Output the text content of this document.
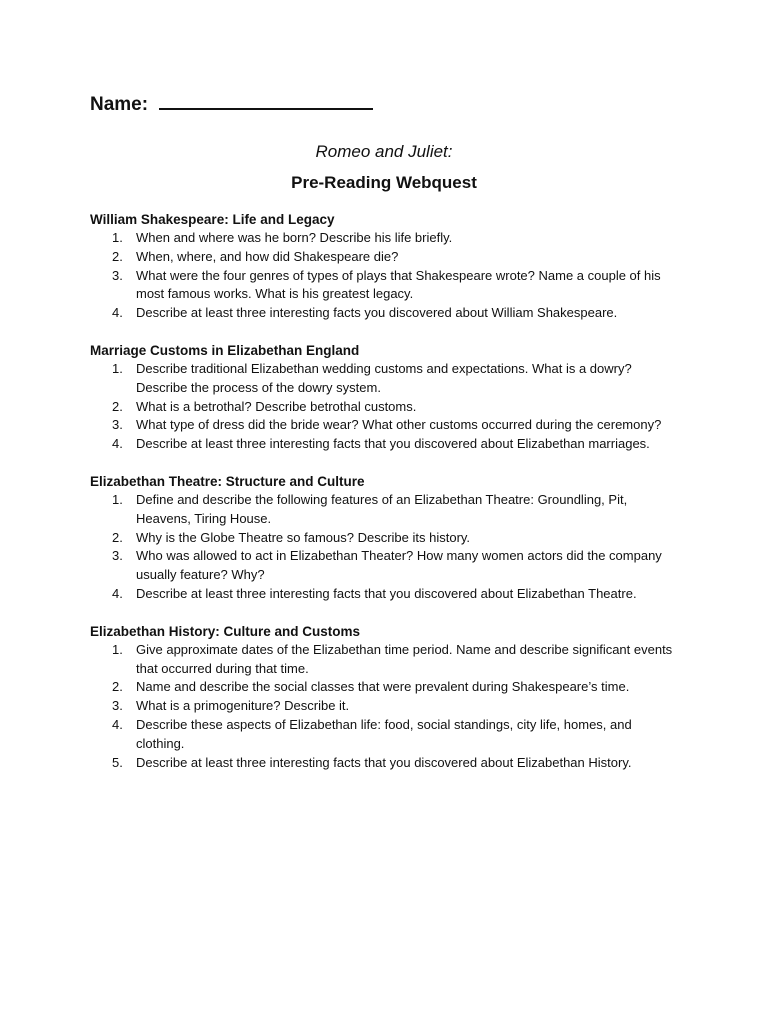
Name:
Romeo and Juliet:
Pre-Reading Webquest
William Shakespeare: Life and Legacy
1. When and where was he born? Describe his life briefly.
2. When, where, and how did Shakespeare die?
3. What were the four genres of types of plays that Shakespeare wrote? Name a couple of his most famous works. What is his greatest legacy.
4. Describe at least three interesting facts you discovered about William Shakespeare.
Marriage Customs in Elizabethan England
1. Describe traditional Elizabethan wedding customs and expectations. What is a dowry? Describe the process of the dowry system.
2. What is a betrothal? Describe betrothal customs.
3. What type of dress did the bride wear? What other customs occurred during the ceremony?
4. Describe at least three interesting facts that you discovered about Elizabethan marriages.
Elizabethan Theatre: Structure and Culture
1. Define and describe the following features of an Elizabethan Theatre: Groundling, Pit, Heavens, Tiring House.
2. Why is the Globe Theatre so famous? Describe its history.
3. Who was allowed to act in Elizabethan Theater? How many women actors did the company usually feature? Why?
4. Describe at least three interesting facts that you discovered about Elizabethan Theatre.
Elizabethan History: Culture and Customs
1. Give approximate dates of the Elizabethan time period. Name and describe significant events that occurred during that time.
2. Name and describe the social classes that were prevalent during Shakespeare’s time.
3. What is a primogeniture? Describe it.
4. Describe these aspects of Elizabethan life: food, social standings, city life, homes, and clothing.
5. Describe at least three interesting facts that you discovered about Elizabethan History.
